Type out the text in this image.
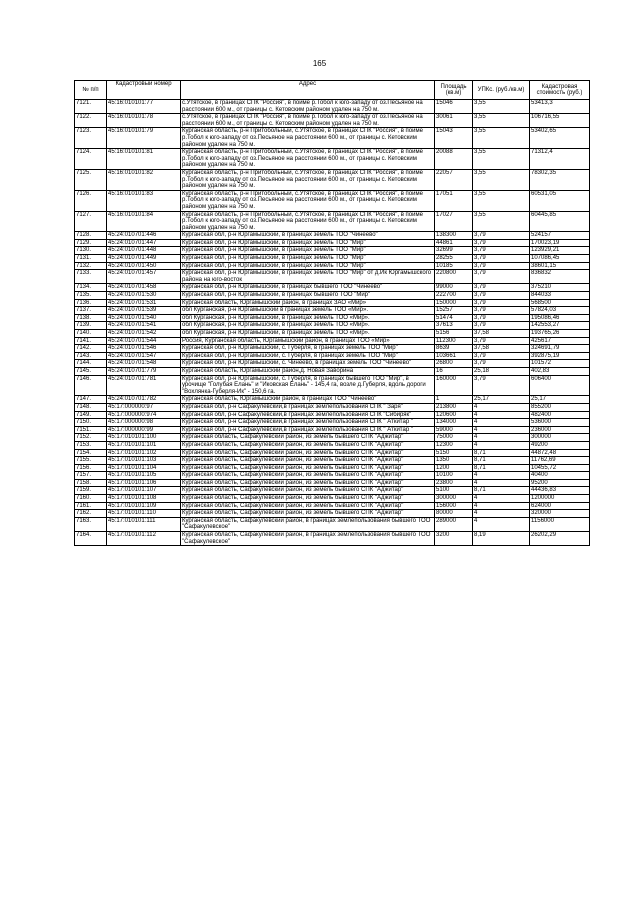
165
№ п/п	Кадастровый номер	Адрес	Площадь (кв.м)	УПКс. (руб./кв.м)	Кадастровая стоимость (руб.)
7121.	45:16:010101:77	с.Утятское, в границах СПК "Россия", в пойме р.Тобол к юго-западу от оз.Песьяное на расстоянии 600 м., от границы с. Кетовским районом удален на 750 м.	15046	3,55	53413,3
7122.	45:16:010101:78	с.Утятское, в границах СПК "Россия", в пойме р.Тобол к юго-западу от оз.Песьяное на расстоянии 600 м., от границы с. Кетовским районом удален на 750 м.	30061	3,55	106716,55
7123.	45:16:010101:79	Курганская область, р-н Притобольный, с.Утятское, в границах СПК "Россия", в пойме р.Тобол к юго-западу от оз.Песьяное на расстоянии 600 м., от границы с. Кетовским районом удален на 750 м.	15043	3,55	53402,65
7124.	45:16:010101:81	Курганская область, р-н Притобольный, с.Утятское, в границах СПК "Россия", в пойме р.Тобол к юго-западу от оз.Песьяное на расстоянии 600 м., от границы с. Кетовским районом удален на 750 м.	20088	3,55	71312,4
7125.	45:16:010101:82	Курганская область, р-н Притобольный, с.Утятское, в границах СПК "Россия", в пойме р.Тобол к юго-западу от оз.Песьяное на расстоянии 600 м., от границы с. Кетовским районом удален на 750 м.	22057	3,55	78302,35
7126.	45:16:010101:83	Курганская область, р-н Притобольный, с.Утятское, в границах СПК "Россия", в пойме р.Тобол к юго-западу от оз.Песьяное на расстоянии 600 м., от границы с. Кетовским районом удален на 750 м.	17051	3,55	60531,05
7127.	45:16:010101:84	Курганская область, р-н Притобольный, с.Утятское, в границах СПК "Россия", в пойме р.Тобол к юго-западу от оз.Песьяное на расстоянии 600 м., от границы с. Кетовским районом удален на 750 м.	17027	3,55	60445,85
7128.	45:24:010701:446	Курганская обл, р-н Юргамышский, в границах земель ТОО "Чинеево"	138300	3,79	524157
7129.	45:24:010701:447	Курганская обл, р-н Юргамышский, в границах земель ТОО "Мир"	44861	3,79	170023,19
7130.	45:24:010701:448	Курганская обл, р-н Юргамышский, в границах земель ТОО "Мир"	32699	3,79	123929,21
7131.	45:24:010701:449	Курганская обл, р-н Юргамышский, в границах земель ТОО "Мир"	28255	3,79	107086,45
7132.	45:24:010701:450	Курганская обл, р-н Юргамышский, в границах земель ТОО "Мир"	10185	3,79	38601,15
7133.	45:24:010701:457	Курганская обл, р-н Юргамышский, в границах земель ТОО "Мир" от д.Ик Юргамышского района на юго-восток	220800	3,79	836832
7134.	45:24:010701:458	Курганская обл, р-н Юргамышский, в границах бывшего ТОО "Чинеево"	99000	3,79	375210
7135.	45:24:010701:530	Курганская обл, р-н Юргамышский, в границах бывшего ТОО "Мир"	222700	3,79	844033
7136.	45:24:010701:531	Курганская область, Юргамышский район, в границах ЗАО «Мир»	150000	3,79	568500
7137.	45:24:010701:539	обл Курганская, р-н Юргамышский в границах земель ТОО «Мир».	15257	3,79	57824,03
7138.	45:24:010701:540	обл Курганская, р-н Юргамышский, в границах земель ТОО «Мир».	51474	3,79	195086,46
7139.	45:24:010701:541	обл Курганская, р-н Юргамышский, в границах земель ТОО «Мир».	37613	3,79	142553,27
7140.	45:24:010701:542	обл Курганская, р-н Юргамышский, в границах земель ТОО «Мир».	5156	37,58	193765,26
7141.	45:24:010701:544	Россия, Курганская область, Юргамышский район, в границах ТОО «Мир»	112300	3,79	425617
7142.	45:24:010701:546	Курганская обл, р-н Юргамышский, с. Губерля, в границах земель ТОО "Мир"	8639	37,58	324691,79
7143.	45:24:010701:547	Курганская обл, р-н Юргамышский, с. Губерля, в границах земель ТОО "Мир"	103661	3,79	392875,19
7144.	45:24:010701:548	Курганская обл, р-н Юргамышский, с. Чинеево, в границах земель ТОО "Чинеево"	26800	3,79	101572
7145.	45:24:010701:779	Курганская область, Юргамышский район,д. Новая Заворина	16	25,18	402,83
7146.	45:24:010701:781	Курганская обл, р-н Юргамышский, с. Губерля, в границах бывшего ТОО "Мир", в урочище "Голубая Елань" и "Иковская Елань" - 145,4 га, возле д.Губерля, вдоль дороги "Вохлянка-Губерля-Ик" - 150,6 га.	160000	3,79	606400
7147.	45:24:010701:782	Курганская область, Юргамышский район, в границах ТОО "Чинеево"	1	25,17	25,17
7148.	45:17:000000:97	Курганская обл, р-н Сафакулевский,в границах землепользования СПК " Заря"	213800	4	855200
7149.	45:17:000000:974	Курганская обл, р-н Сафакулевский,в границах землепользования СПК "Сибиряк"	120600	4	482400
7150.	45:17:000000:98	Курганская обл, р-н Сафакулевский,в границах землепользования СПК " Аткитар "	134000	4	536000
7151.	45:17:000000:99	Курганская обл, р-н Сафакулевский,в границах землепользования СПК " Аткитар "	59000	4	236000
7152.	45:17:010101:100	Курганская область, Сафакулевский район, из земель бывшего СПК "Аджитар"	75000	4	300000
7153.	45:17:010101:101	Курганская область, Сафакулевский район, из земель бывшего СПК "Аджитар"	12300	4	49200
7154.	45:17:010101:102	Курганская область, Сафакулевский район, из земель бывшего СПК "Аджитар"	5150	8,71	44872,48
7155.	45:17:010101:103	Курганская область, Сафакулевский район, из земель бывшего СПК "Аджитар"	1350	8,71	11762,69
7156.	45:17:010101:104	Курганская область, Сафакулевский район, из земель бывшего СПК "Аджитар"	1200	8,71	10455,72
7157.	45:17:010101:105	Курганская область, Сафакулевский район, из земель бывшего СПК "Аджитар"	10100	4	40400
7158.	45:17:010101:106	Курганская область, Сафакулевский район, из земель бывшего СПК "Аджитар"	23800	4	95200
7159.	45:17:010101:107	Курганская область, Сафакулевский район, из земель бывшего СПК "Аджитар"	5100	8,71	44436,83
7160.	45:17:010101:108	Курганская область, Сафакулевский район, из земель бывшего СПК "Аджитар"	300000	4	1200000
7161.	45:17:010101:109	Курганская область, Сафакулевский район, из земель бывшего СПК "Аджитар"	156000	4	624000
7162.	45:17:010101:110	Курганская область, Сафакулевский район, из земель бывшего СПК "Аджитар"	80000	4	320000
7163.	45:17:010101:111	Курганская область, Сафакулевский район, в границах землепользования бывшего ТОО "Сафакулевское"	289000	4	1156000
7164.	45:17:010101:112	Курганская область, Сафакулевский район, в границах землепользования бывшего ТОО "Сафакулевское"	3200	8,19	26202,29
